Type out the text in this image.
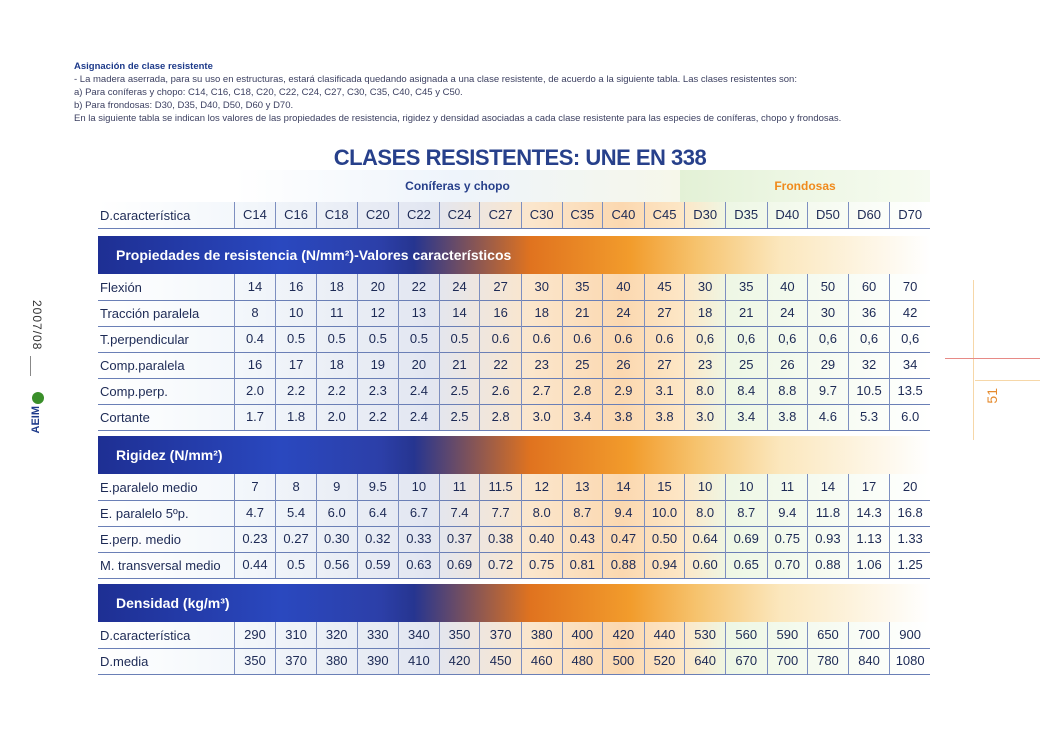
2007/08
AEIM
51
Asignación de clase resistente
- La madera aserrada, para su uso en estructuras, estará clasificada quedando asignada a una clase resistente, de acuerdo a la siguiente tabla. Las clases resistentes son:
a) Para coníferas y chopo: C14, C16, C18, C20, C22, C24, C27, C30, C35, C40, C45 y C50.
b) Para frondosas: D30, D35, D40, D50, D60 y D70.
En la siguiente tabla se indican los valores de las propiedades de resistencia, rigidez y densidad asociadas a cada clase resistente para las especies de coníferas, chopo y frondosas.
CLASES RESISTENTES: UNE EN 338
Coníferas y chopo	Frondosas
D.característica	C14	C16	C18	C20	C22	C24	C27	C30	C35	C40	C45	D30	D35	D40	D50	D60	D70
Propiedades de resistencia (N/mm²)-Valores característicos
Flexión	14	16	18	20	22	24	27	30	35	40	45	30	35	40	50	60	70
Tracción paralela	8	10	11	12	13	14	16	18	21	24	27	18	21	24	30	36	42
T.perpendicular	0.4	0.5	0.5	0.5	0.5	0.5	0.6	0.6	0.6	0.6	0.6	0,6	0,6	0,6	0,6	0,6	0,6
Comp.paralela	16	17	18	19	20	21	22	23	25	26	27	23	25	26	29	32	34
Comp.perp.	2.0	2.2	2.2	2.3	2.4	2.5	2.6	2.7	2.8	2.9	3.1	8.0	8.4	8.8	9.7	10.5	13.5
Cortante	1.7	1.8	2.0	2.2	2.4	2.5	2.8	3.0	3.4	3.8	3.8	3.0	3.4	3.8	4.6	5.3	6.0
Rigidez (N/mm²)
E.paralelo medio	7	8	9	9.5	10	11	11.5	12	13	14	15	10	10	11	14	17	20
E. paralelo 5ºp.	4.7	5.4	6.0	6.4	6.7	7.4	7.7	8.0	8.7	9.4	10.0	8.0	8.7	9.4	11.8	14.3	16.8
E.perp. medio	0.23	0.27	0.30	0.32	0.33	0.37	0.38	0.40	0.43	0.47	0.50	0.64	0.69	0.75	0.93	1.13	1.33
M. transversal medio	0.44	0.5	0.56	0.59	0.63	0.69	0.72	0.75	0.81	0.88	0.94	0.60	0.65	0.70	0.88	1.06	1.25
Densidad (kg/m³)
D.característica	290	310	320	330	340	350	370	380	400	420	440	530	560	590	650	700	900
D.media	350	370	380	390	410	420	450	460	480	500	520	640	670	700	780	840	1080
